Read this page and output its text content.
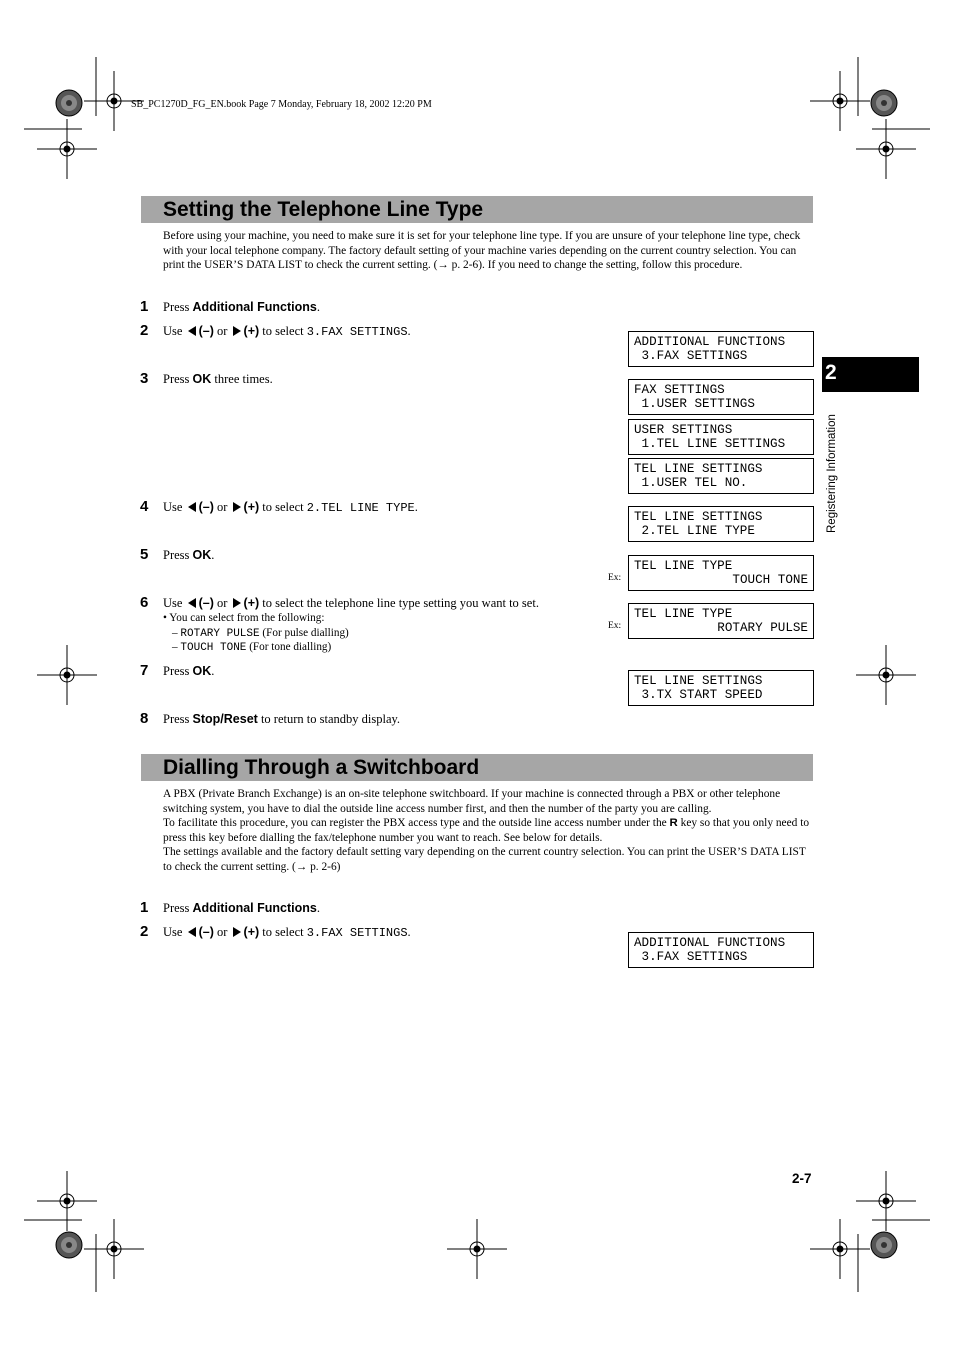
SB_PC1270D_FG_EN.book Page 7 Monday, February 18, 2002 12:20 PM
Setting the Telephone Line Type

Before using your machine, you need to make sure it is set for your telephone line type. If you are unsure of your telephone line type, check with your local telephone company. The factory default setting of your machine varies depending on the current country selection. You can print the USER’S DATA LIST to check the current setting. (→ p. 2-6). If you need to change the setting, follow this procedure.

1 Press Additional Functions.
2 Use (–) or (+) to select 3.FAX SETTINGS.
3 Press OK three times.
4 Use (–) or (+) to select 2.TEL LINE TYPE.
5 Press OK.
6 Use (–) or (+) to select the telephone line type setting you want to set.
• You can select from the following:
– ROTARY PULSE (For pulse dialling)
– TOUCH TONE (For tone dialling)
7 Press OK.
8 Press Stop/Reset to return to standby display.
ADDITIONAL FUNCTIONS
3.FAX SETTINGS
FAX SETTINGS
1.USER SETTINGS
USER SETTINGS
1.TEL LINE SETTINGS
TEL LINE SETTINGS
1.USER TEL NO.
TEL LINE SETTINGS
2.TEL LINE TYPE
Ex:
TEL LINE TYPE
TOUCH TONE
Ex:
TEL LINE TYPE
ROTARY PULSE
TEL LINE SETTINGS
3.TX START SPEED
Dialling Through a Switchboard

A PBX (Private Branch Exchange) is an on-site telephone switchboard. If your machine is connected through a PBX or other telephone switching system, you have to dial the outside line access number first, and then the number of the party you are calling.

To facilitate this procedure, you can register the PBX access type and the outside line access number under the R key so that you only need to press this key before dialling the fax/telephone number you want to reach. See below for details.

The settings available and the factory default setting vary depending on the current country selection. You can print the USER’S DATA LIST to check the current setting. (→ p. 2-6)

1 Press Additional Functions.
2 Use (–) or (+) to select 3.FAX SETTINGS.
ADDITIONAL FUNCTIONS
3.FAX SETTINGS
2
Registering Information
2-7
